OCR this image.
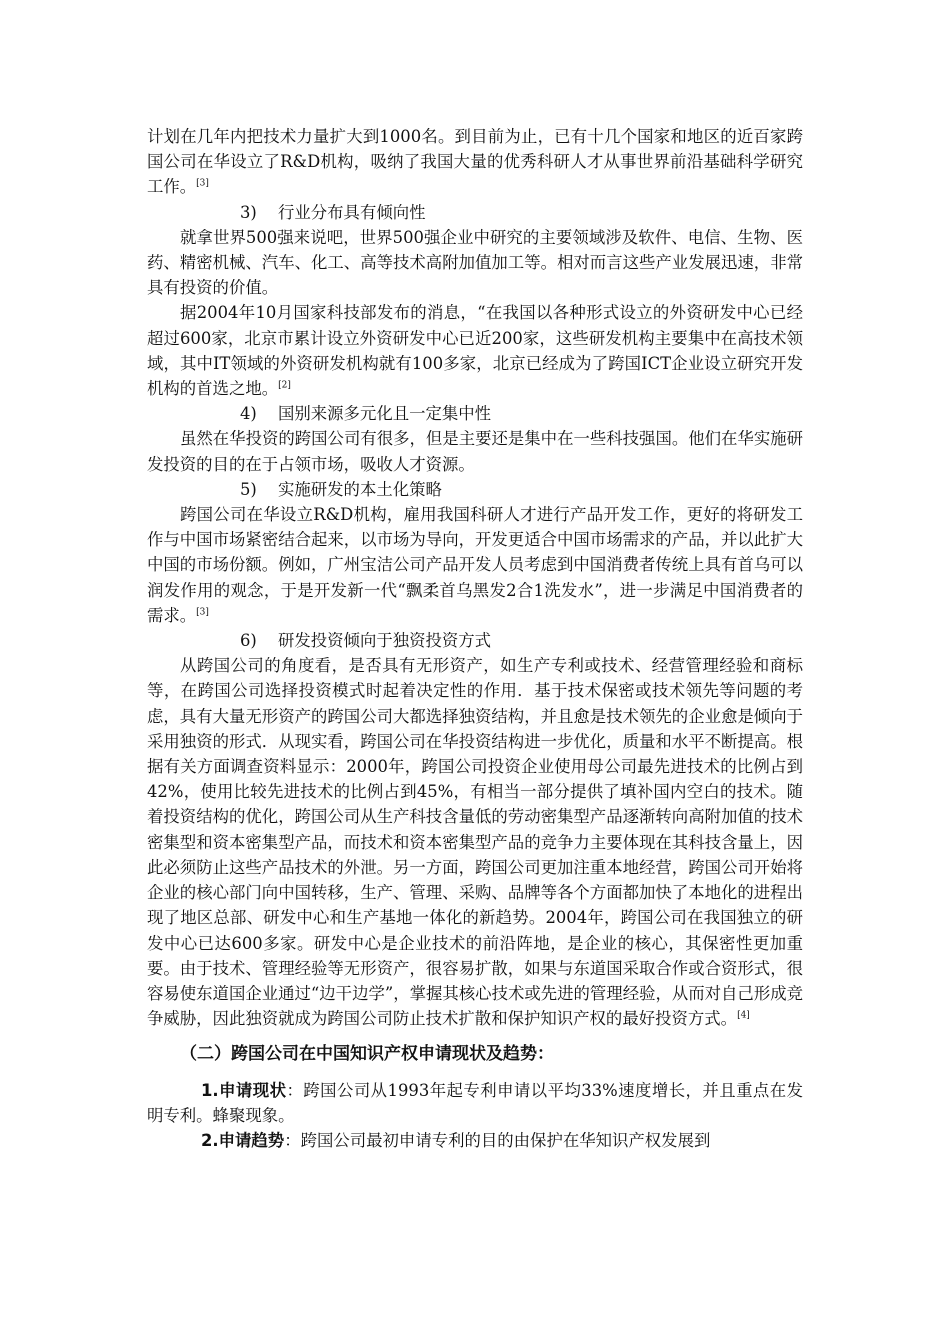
计划在几年内把技术力量扩大到1000名。到目前为止，已有十几个国家和地区的近百家跨国公司在华设立了R&D机构，吸纳了我国大量的优秀科研人才从事世界前沿基础科学研究工作。[3]

3) 行业分布具有倾向性

就拿世界500强来说吧，世界500强企业中研究的主要领域涉及软件、电信、生物、医药、精密机械、汽车、化工、高等技术高附加值加工等。相对而言这些产业发展迅速，非常具有投资的价值。

据2004年10月国家科技部发布的消息，“在我国以各种形式设立的外资研发中心已经超过600家，北京市累计设立外资研发中心已近200家，这些研发机构主要集中在高技术领域，其中IT领域的外资研发机构就有100多家，北京已经成为了跨国ICT企业设立研究开发机构的首选之地。[2]

4) 国别来源多元化且一定集中性

虽然在华投资的跨国公司有很多，但是主要还是集中在一些科技强国。他们在华实施研发投资的目的在于占领市场，吸收人才资源。

5) 实施研发的本土化策略

跨国公司在华设立R&D机构，雇用我国科研人才进行产品开发工作，更好的将研发工作与中国市场紧密结合起来，以市场为导向，开发更适合中国市场需求的产品，并以此扩大中国的市场份额。例如，广州宝洁公司产品开发人员考虑到中国消费者传统上具有首乌可以润发作用的观念，于是开发新一代“飘柔首乌黑发2合1洗发水”，进一步满足中国消费者的需求。[3]

6) 研发投资倾向于独资投资方式

从跨国公司的角度看，是否具有无形资产，如生产专利或技术、经营管理经验和商标等，在跨国公司选择投资模式时起着决定性的作用．基于技术保密或技术领先等问题的考虑，具有大量无形资产的跨国公司大都选择独资结构，并且愈是技术领先的企业愈是倾向于采用独资的形式．从现实看，跨国公司在华投资结构进一步优化，质量和水平不断提高。根据有关方面调查资料显示：2000年，跨国公司投资企业使用母公司最先进技术的比例占到42%，使用比较先进技术的比例占到45%，有相当一部分提供了填补国内空白的技术。随着投资结构的优化，跨国公司从生产科技含量低的劳动密集型产品逐渐转向高附加值的技术密集型和资本密集型产品，而技术和资本密集型产品的竞争力主要体现在其科技含量上，因此必须防止这些产品技术的外泄。另一方面，跨国公司更加注重本地经营，跨国公司开始将企业的核心部门向中国转移，生产、管理、采购、品牌等各个方面都加快了本地化的进程出现了地区总部、研发中心和生产基地一体化的新趋势。2004年，跨国公司在我国独立的研发中心已达600多家。研发中心是企业技术的前沿阵地，是企业的核心，其保密性更加重要。由于技术、管理经验等无形资产，很容易扩散，如果与东道国采取合作或合资形式，很容易使东道国企业通过“边干边学”，掌握其核心技术或先进的管理经验，从而对自己形成竞争威胁，因此独资就成为跨国公司防止技术扩散和保护知识产权的最好投资方式。[4]

（二）跨国公司在中国知识产权申请现状及趋势：

1.申请现状：跨国公司从1993年起专利申请以平均33%速度增长，并且重点在发明专利。蜂聚现象。

2.申请趋势：跨国公司最初申请专利的目的由保护在华知识产权发展到
